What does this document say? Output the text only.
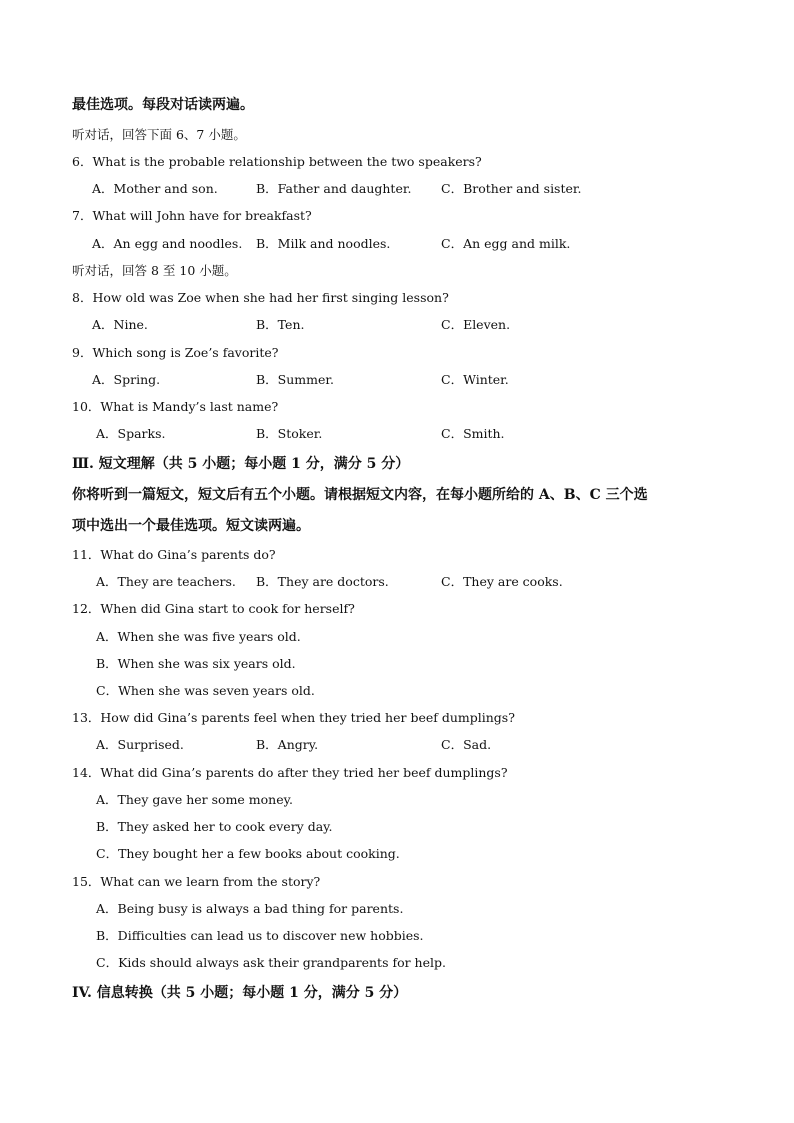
最佳选项。每段对话读两遍。
听对话，回答下面 6、7 小题。
6．What is the probable relationship between the two speakers?
A．Mother and son.	B．Father and daughter. C．Brother and sister.
7．What will John have for breakfast?
A．An egg and noodles. B．Milk and noodles.	C．An egg and milk.
听对话，回答 8 至 10 小题。
8．How old was Zoe when she had her first singing lesson?
A．Nine.	B．Ten.	C．Eleven.
9．Which song is Zoe’s favorite?
A．Spring.	B．Summer.	C．Winter.
10．What is Mandy’s last name?
A．Sparks.	B．Stoker.	C．Smith.
Ⅲ. 短文理解（共 5 小题；每小题 1 分，满分 5 分）
你将听到一篇短文，短文后有五个小题。请根据短文内容，在每小题所给的 A、B、C 三个选
项中选出一个最佳选项。短文读两遍。
11．What do Gina’s parents do?
A．They are teachers. B．They are doctors.	C．They are cooks.
12．When did Gina start to cook for herself?
A．When she was five years old.
B．When she was six years old.
C．When she was seven years old.
13．How did Gina’s parents feel when they tried her beef dumplings?
A．Surprised.	B．Angry.	C．Sad.
14．What did Gina’s parents do after they tried her beef dumplings?
A．They gave her some money.
B．They asked her to cook every day.
C．They bought her a few books about cooking.
15．What can we learn from the story?
A．Being busy is always a bad thing for parents.
B．Difficulties can lead us to discover new hobbies.
C．Kids should always ask their grandparents for help.
IV. 信息转换（共 5 小题；每小题 1 分，满分 5 分）
